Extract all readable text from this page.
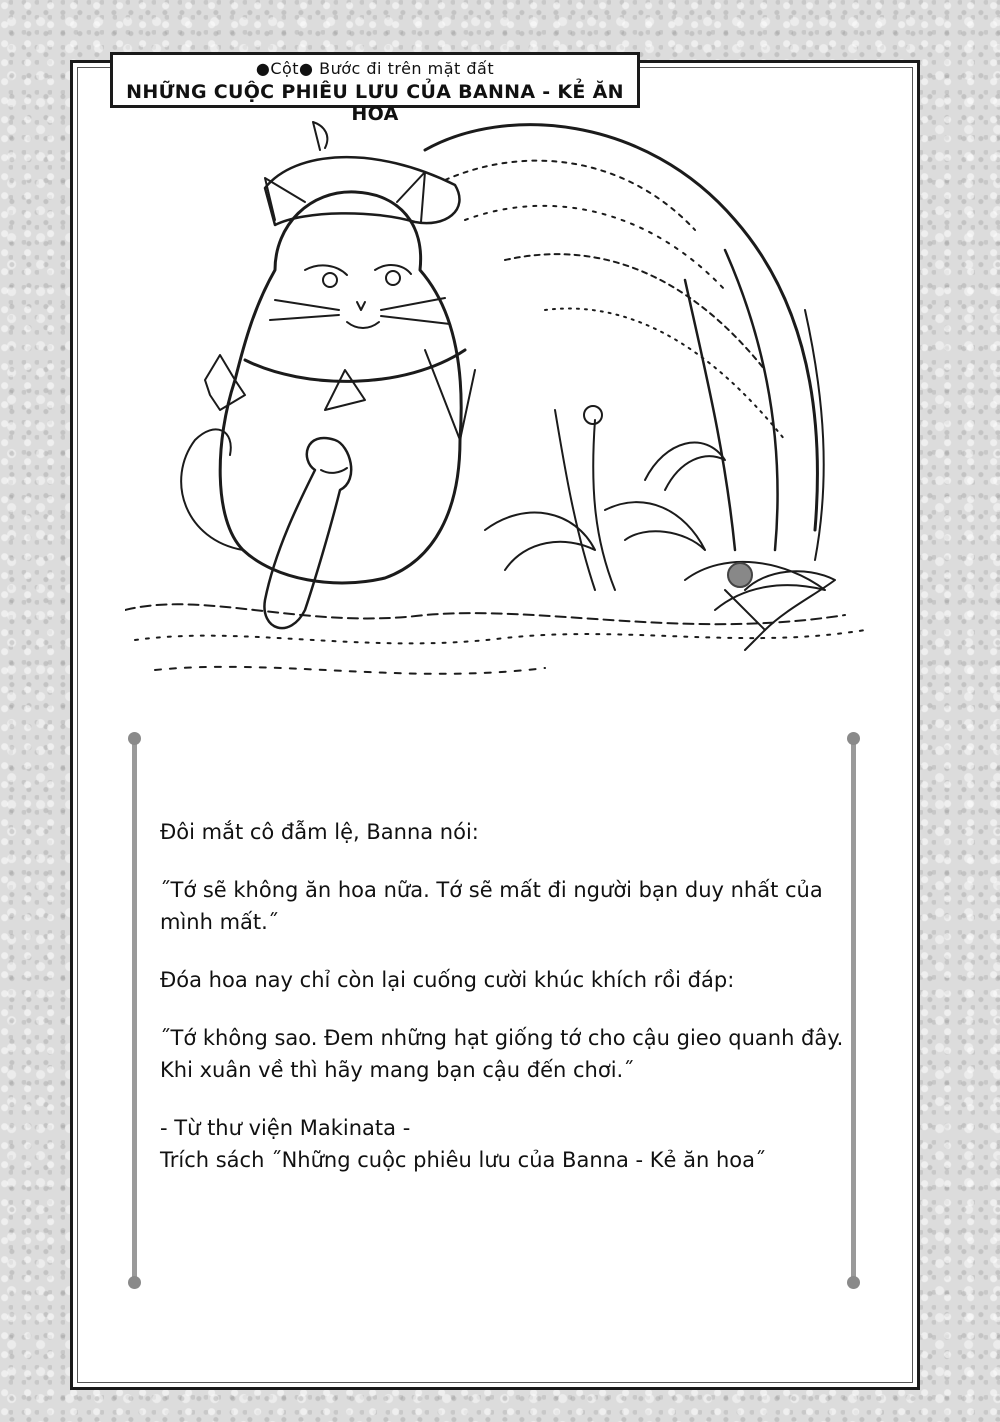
●Cột● Bước đi trên mặt đất
NHỮNG CUỘC PHIÊU LƯU CỦA BANNA - KẺ ĂN HOA

Đôi mắt cô đẫm lệ, Banna nói:

˝Tớ sẽ không ăn hoa nữa. Tớ sẽ mất đi người bạn duy nhất của mình mất.˝

Đóa hoa nay chỉ còn lại cuống cười khúc khích rồi đáp:

˝Tớ không sao. Đem những hạt giống tớ cho cậu gieo quanh đây. Khi xuân về thì hãy mang bạn cậu đến chơi.˝

- Từ thư viện Makinata -
Trích sách ˝Những cuộc phiêu lưu của Banna - Kẻ ăn hoa˝
